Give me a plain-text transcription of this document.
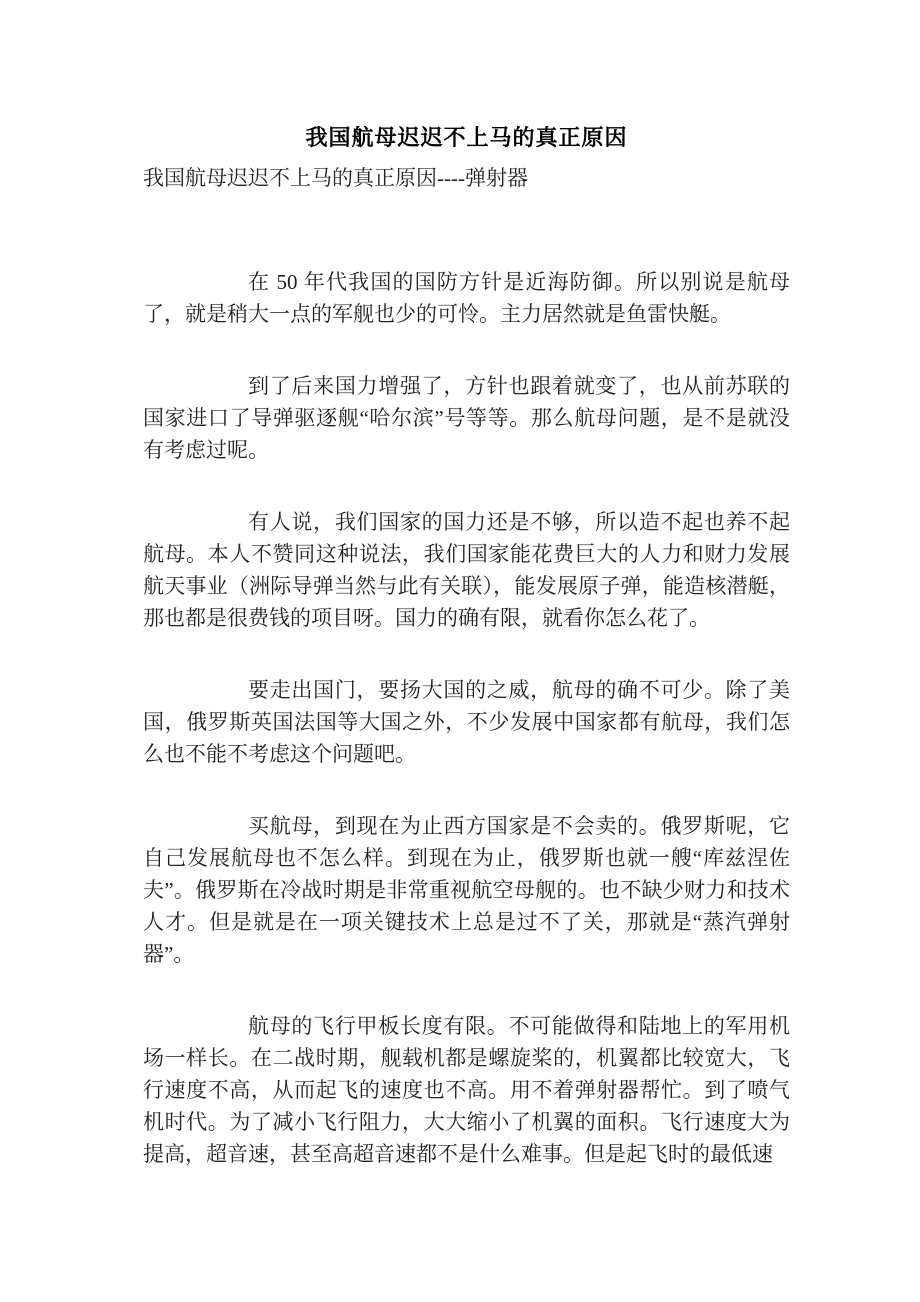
我国航母迟迟不上马的真正原因

我国航母迟迟不上马的真正原因----弹射器

在 50 年代我国的国防方针是近海防御。所以别说是航母了，就是稍大一点的军舰也少的可怜。主力居然就是鱼雷快艇。

到了后来国力增强了，方针也跟着就变了，也从前苏联的国家进口了导弹驱逐舰“哈尔滨”号等等。那么航母问题，是不是就没有考虑过呢。

有人说，我们国家的国力还是不够，所以造不起也养不起航母。本人不赞同这种说法，我们国家能花费巨大的人力和财力发展航天事业（洲际导弹当然与此有关联），能发展原子弹，能造核潜艇，那也都是很费钱的项目呀。国力的确有限，就看你怎么花了。

要走出国门，要扬大国的之威，航母的确不可少。除了美国，俄罗斯英国法国等大国之外，不少发展中国家都有航母，我们怎么也不能不考虑这个问题吧。

买航母，到现在为止西方国家是不会卖的。俄罗斯呢，它自己发展航母也不怎么样。到现在为止，俄罗斯也就一艘“库兹涅佐夫”。俄罗斯在冷战时期是非常重视航空母舰的。也不缺少财力和技术人才。但是就是在一项关键技术上总是过不了关，那就是“蒸汽弹射器”。

航母的飞行甲板长度有限。不可能做得和陆地上的军用机场一样长。在二战时期，舰载机都是螺旋桨的，机翼都比较宽大，飞行速度不高，从而起飞的速度也不高。用不着弹射器帮忙。到了喷气机时代。为了减小飞行阻力，大大缩小了机翼的面积。飞行速度大为提高，超音速，甚至高超音速都不是什么难事。但是起飞时的最低速
